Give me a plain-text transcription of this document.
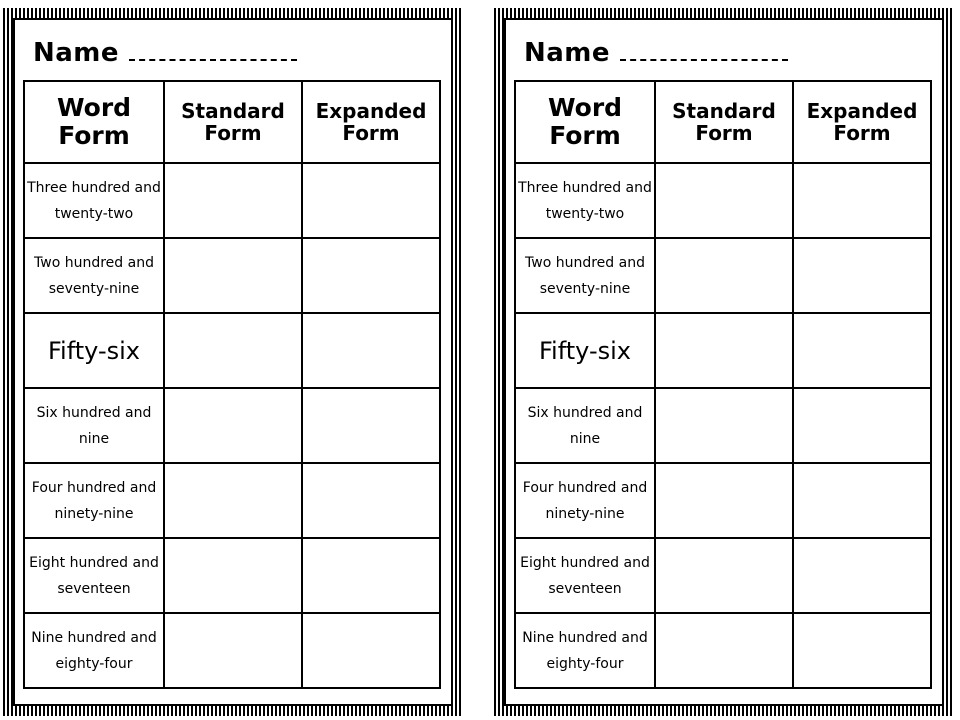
Name
Word Form	Standard Form	Expanded Form
Three hundred and twenty-two		
Two hundred and seventy-nine		
Fifty-six		
Six hundred and nine		
Four hundred and ninety-nine		
Eight hundred and seventeen		
Nine hundred and eighty-four		
Name
Word Form	Standard Form	Expanded Form
Three hundred and twenty-two		
Two hundred and seventy-nine		
Fifty-six		
Six hundred and nine		
Four hundred and ninety-nine		
Eight hundred and seventeen		
Nine hundred and eighty-four		
